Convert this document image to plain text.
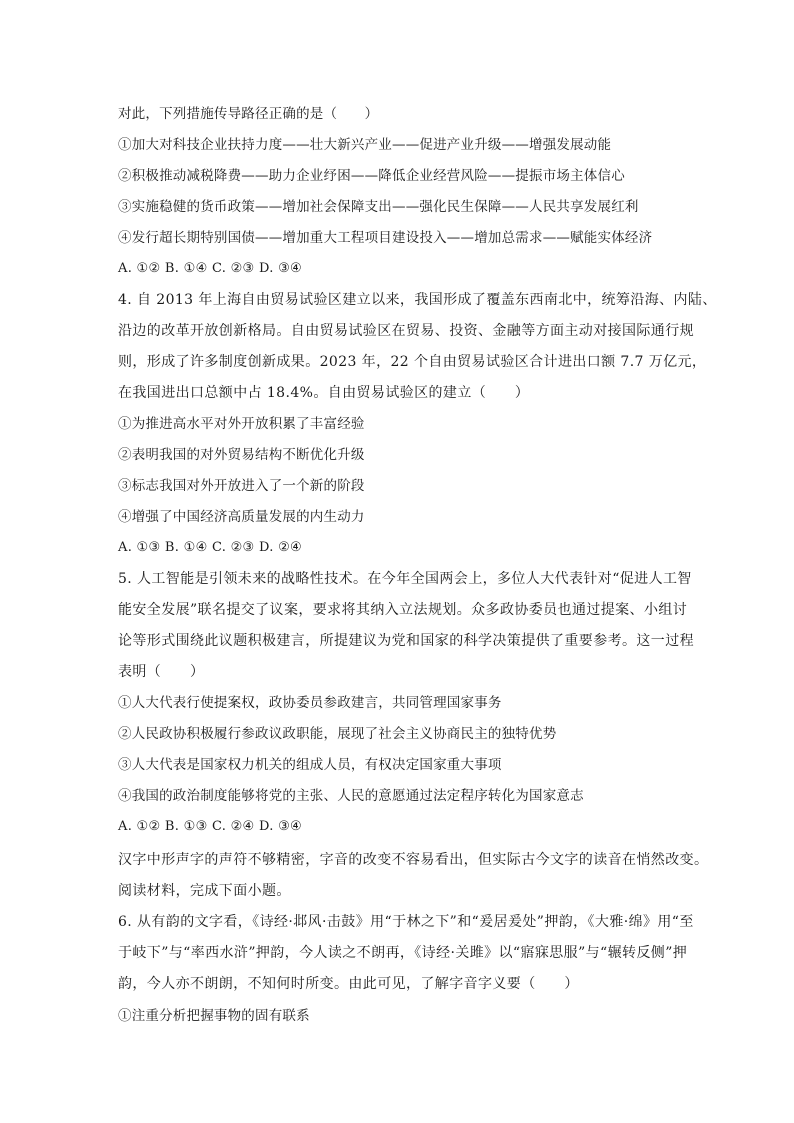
对此，下列措施传导路径正确的是（　　）
①加大对科技企业扶持力度——壮大新兴产业——促进产业升级——增强发展动能
②积极推动减税降费——助力企业纾困——降低企业经营风险——提振市场主体信心
③实施稳健的货币政策——增加社会保障支出——强化民生保障——人民共享发展红利
④发行超长期特别国债——增加重大工程项目建设投入——增加总需求——赋能实体经济
A. ①② B. ①④ C. ②③ D. ③④
4. 自 2013 年上海自由贸易试验区建立以来，我国形成了覆盖东西南北中，统筹沿海、内陆、
沿边的改革开放创新格局。自由贸易试验区在贸易、投资、金融等方面主动对接国际通行规
则，形成了许多制度创新成果。2023 年，22 个自由贸易试验区合计进出口额 7.7 万亿元，
在我国进出口总额中占 18.4%。自由贸易试验区的建立（　　）
①为推进高水平对外开放积累了丰富经验
②表明我国的对外贸易结构不断优化升级
③标志我国对外开放进入了一个新的阶段
④增强了中国经济高质量发展的内生动力
A. ①③ B. ①④ C. ②③ D. ②④
5. 人工智能是引领未来的战略性技术。在今年全国两会上，多位人大代表针对“促进人工智
能安全发展”联名提交了议案，要求将其纳入立法规划。众多政协委员也通过提案、小组讨
论等形式围绕此议题积极建言，所提建议为党和国家的科学决策提供了重要参考。这一过程
表明（　　）
①人大代表行使提案权，政协委员参政建言，共同管理国家事务
②人民政协积极履行参政议政职能，展现了社会主义协商民主的独特优势
③人大代表是国家权力机关的组成人员，有权决定国家重大事项
④我国的政治制度能够将党的主张、人民的意愿通过法定程序转化为国家意志
A. ①② B. ①③ C. ②④ D. ③④
汉字中形声字的声符不够精密，字音的改变不容易看出，但实际古今文字的读音在悄然改变。
阅读材料，完成下面小题。
6. 从有韵的文字看，《诗经·邶风·击鼓》用“于林之下”和“爰居爰处”押韵，《大雅·绵》用“至
于岐下”与“率西水浒”押韵，今人读之不朗‌再，《诗经·关雎》以“寤寐思服”与“辗转反侧”押
韵，今人亦不朗朗，不知何时所变。由此可见，了解字音字义要（　　）
①注重分析把握事物的固有联系
